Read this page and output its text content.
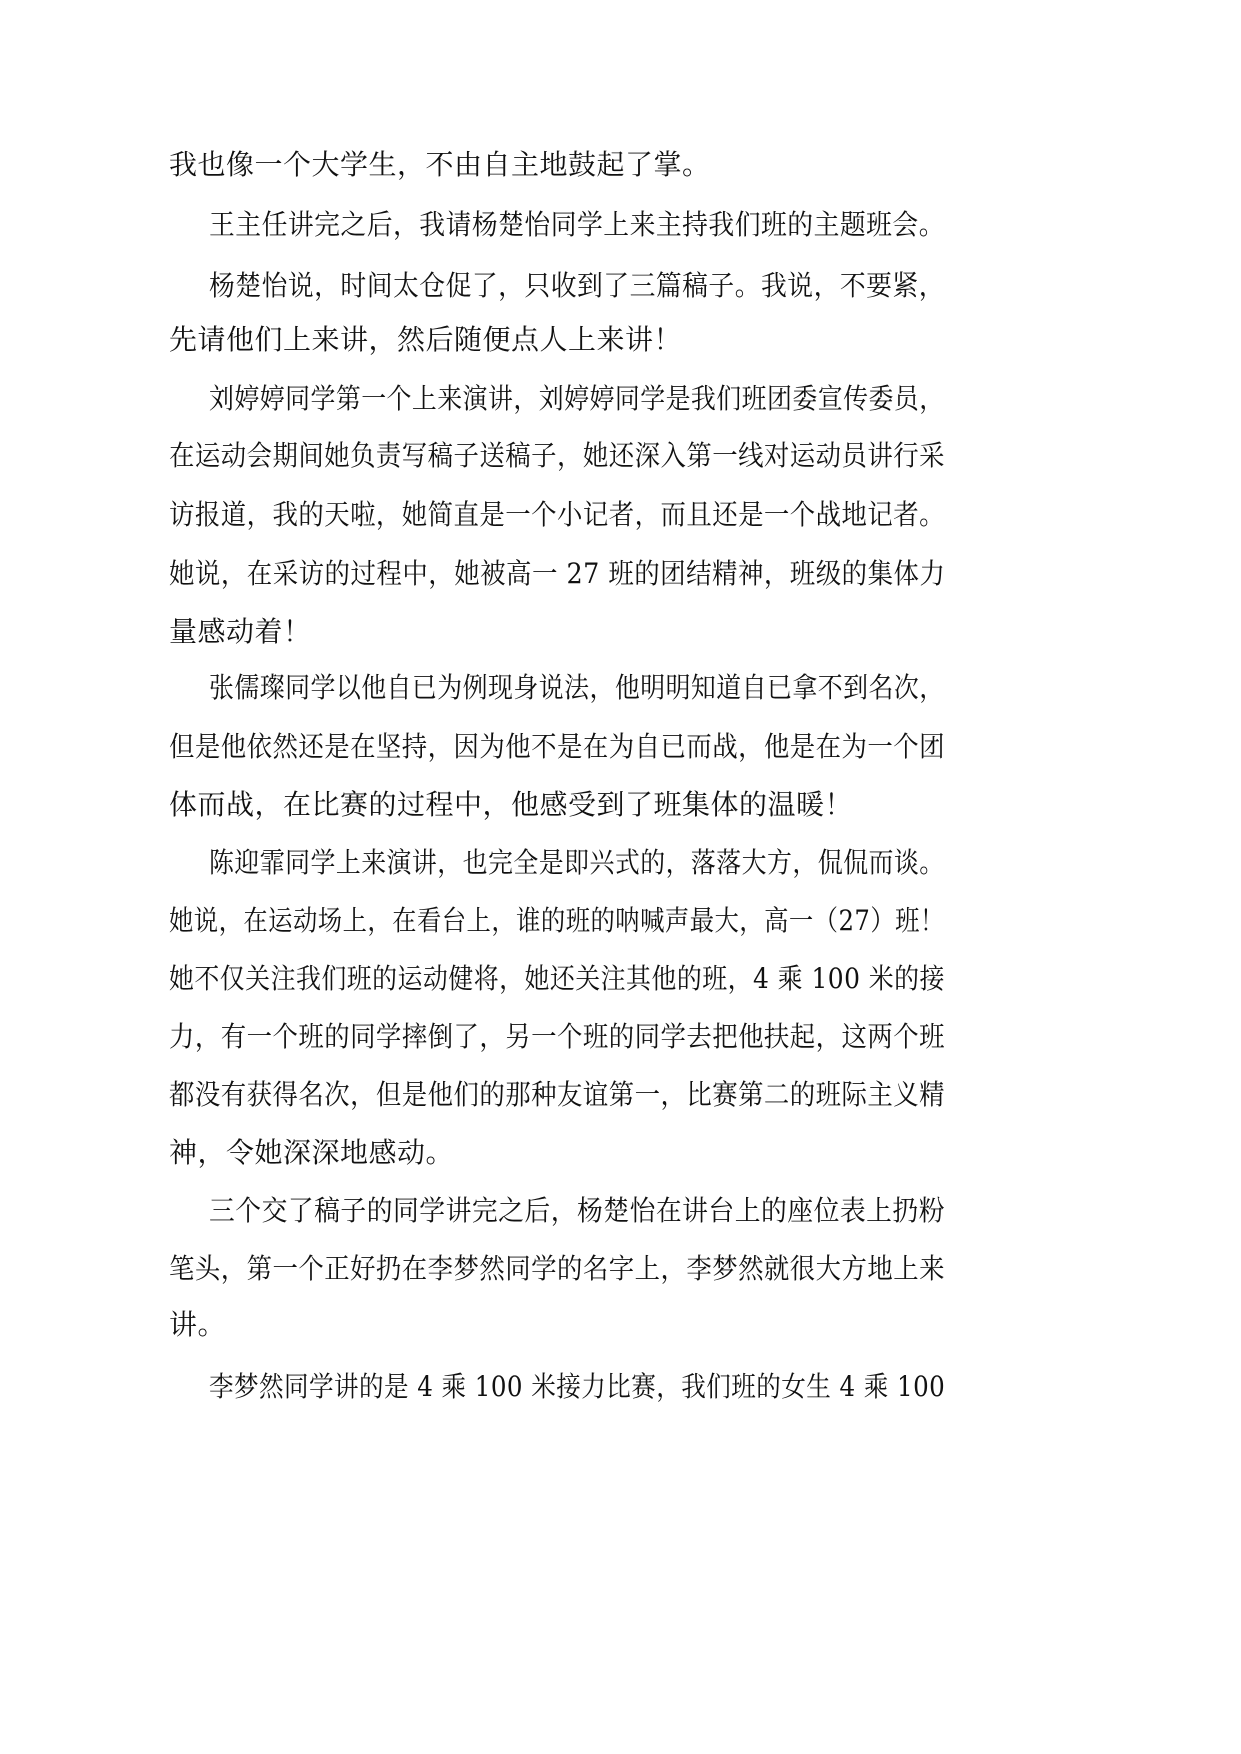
我也像一个大学生，不由自主地鼓起了掌。
王主任讲完之后，我请杨楚怡同学上来主持我们班的主题班会。
杨楚怡说，时间太仓促了，只收到了三篇稿子。我说，不要紧，
先请他们上来讲，然后随便点人上来讲！
刘婷婷同学第一个上来演讲，刘婷婷同学是我们班团委宣传委员，
在运动会期间她负责写稿子送稿子，她还深入第一线对运动员讲行采
访报道，我的天啦，她简直是一个小记者，而且还是一个战地记者。
她说，在采访的过程中，她被高一 27 班的团结精神，班级的集体力
量感动着！
张儒璨同学以他自已为例现身说法，他明明知道自已拿不到名次，
但是他依然还是在坚持，因为他不是在为自已而战，他是在为一个团
体而战，在比赛的过程中，他感受到了班集体的温暖！
陈迎霏同学上来演讲，也完全是即兴式的，落落大方，侃侃而谈。
她说，在运动场上，在看台上，谁的班的呐喊声最大，高一（27）班！
她不仅关注我们班的运动健将，她还关注其他的班，4 乘 100 米的接
力，有一个班的同学摔倒了，另一个班的同学去把他扶起，这两个班
都没有获得名次，但是他们的那种友谊第一，比赛第二的班际主义精
神，令她深深地感动。
三个交了稿子的同学讲完之后，杨楚怡在讲台上的座位表上扔粉
笔头，第一个正好扔在李梦然同学的名字上，李梦然就很大方地上来
讲。
李梦然同学讲的是 4 乘 100 米接力比赛，我们班的女生 4 乘 100
